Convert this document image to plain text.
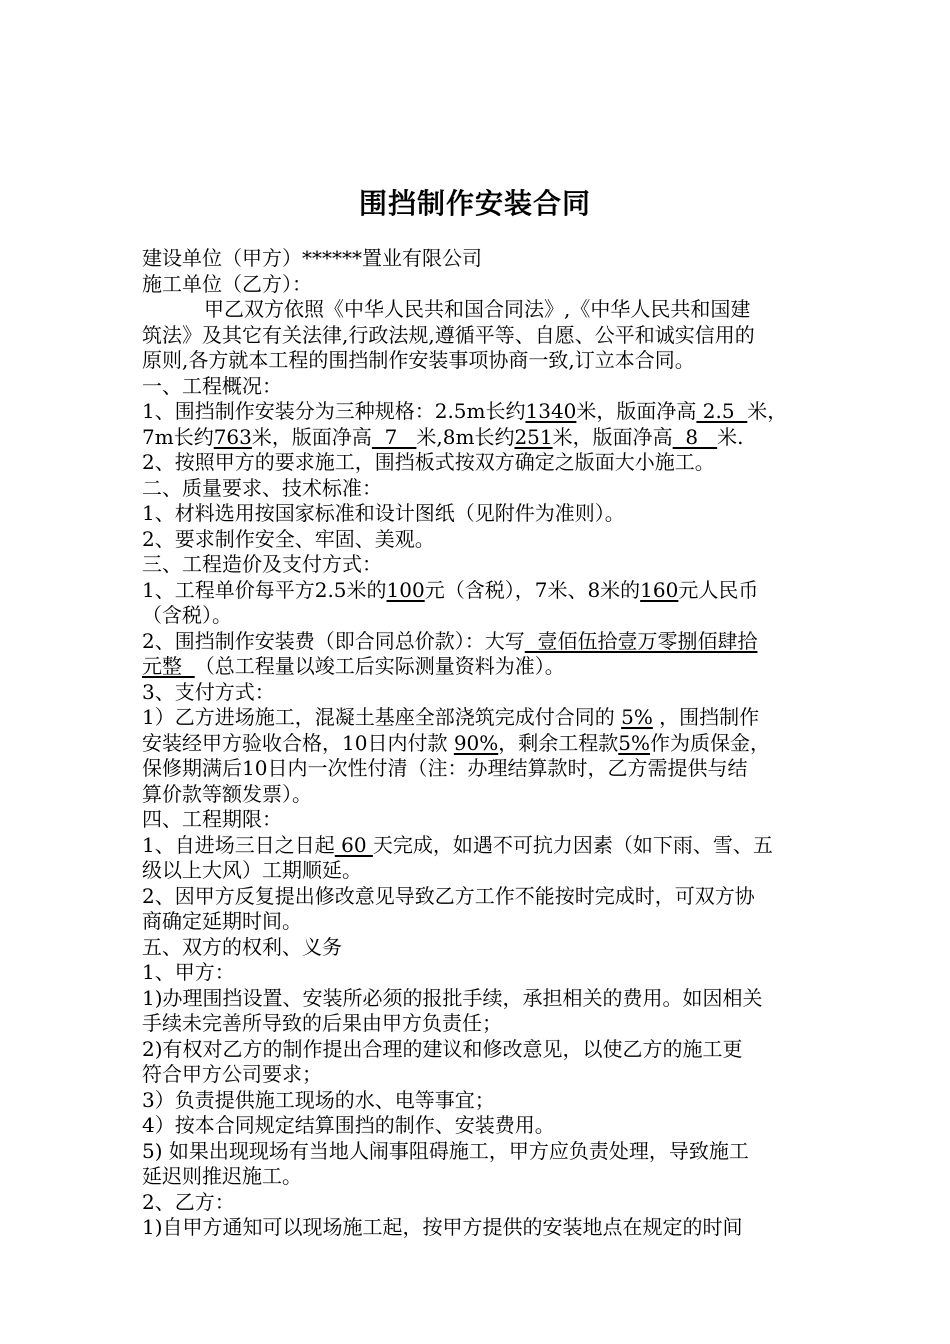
围挡制作安装合同

建设单位（甲方）******置业有限公司

施工单位（乙方）：

甲乙双方依照《中华人民共和国合同法》,《中华人民共和国建

筑法》及其它有关法律,行政法规,遵循平等、自愿、公平和诚实信用的

原则,各方就本工程的围挡制作安装事项协商一致,订立本合同。

一、工程概况：

1、围挡制作安装分为三种规格：2.5m长约1340米，版面净高 2.5  米，

7m长约763米，版面净高  7   米,8m长约251米，版面净高  8   米.

2、按照甲方的要求施工，围挡板式按双方确定之版面大小施工。

二、质量要求、技术标准：

1、材料选用按国家标准和设计图纸（见附件为准则）。

2、要求制作安全、牢固、美观。

三、工程造价及支付方式：

1、工程单价每平方2.5米的100元（含税），7米、8米的160元人民币

（含税）。

2、围挡制作安装费（即合同总价款）：大写  壹佰伍拾壹万零捌佰肆拾

元整  （总工程量以竣工后实际测量资料为准）。

3、支付方式：

1）乙方进场施工，混凝土基座全部浇筑完成付合同的 5% ，围挡制作

安装经甲方验收合格，10日内付款 90%，剩余工程款5%作为质保金，

保修期满后10日内一次性付清（注：办理结算款时，乙方需提供与结

算价款等额发票）。

四、工程期限：

1、自进场三日之日起 60 天完成，如遇不可抗力因素（如下雨、雪、五

级以上大风）工期顺延。

2、因甲方反复提出修改意见导致乙方工作不能按时完成时，可双方协

商确定延期时间。

五、双方的权利、义务

1、甲方：

1)办理围挡设置、安装所必须的报批手续，承担相关的费用。如因相关

手续未完善所导致的后果由甲方负责任；

2)有权对乙方的制作提出合理的建议和修改意见，以使乙方的施工更

符合甲方公司要求；

3）负责提供施工现场的水、电等事宜；

4）按本合同规定结算围挡的制作、安装费用。

5) 如果出现现场有当地人闹事阻碍施工，甲方应负责处理，导致施工

延迟则推迟施工。

2、乙方：

1)自甲方通知可以现场施工起，按甲方提供的安装地点在规定的时间
